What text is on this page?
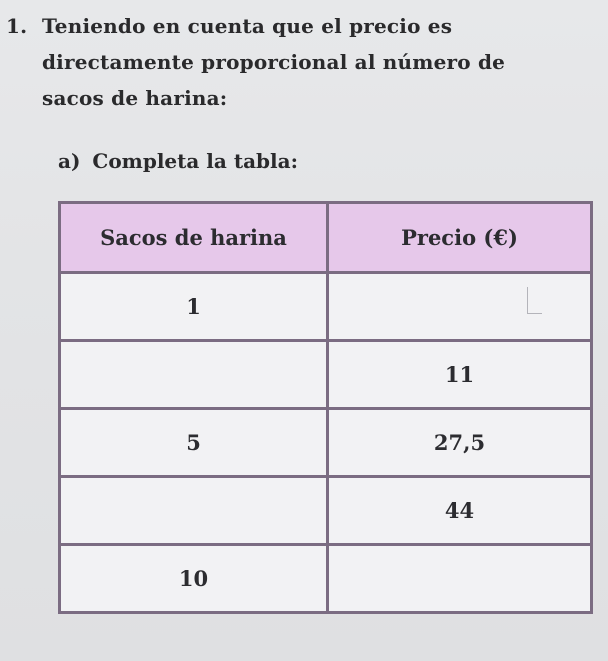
1. Teniendo en cuenta que el precio es
directamente proporcional al número de
sacos de harina:
a) Completa la tabla:
Sacos de harina	Precio (€)
1	
	11
5	27,5
	44
10	
